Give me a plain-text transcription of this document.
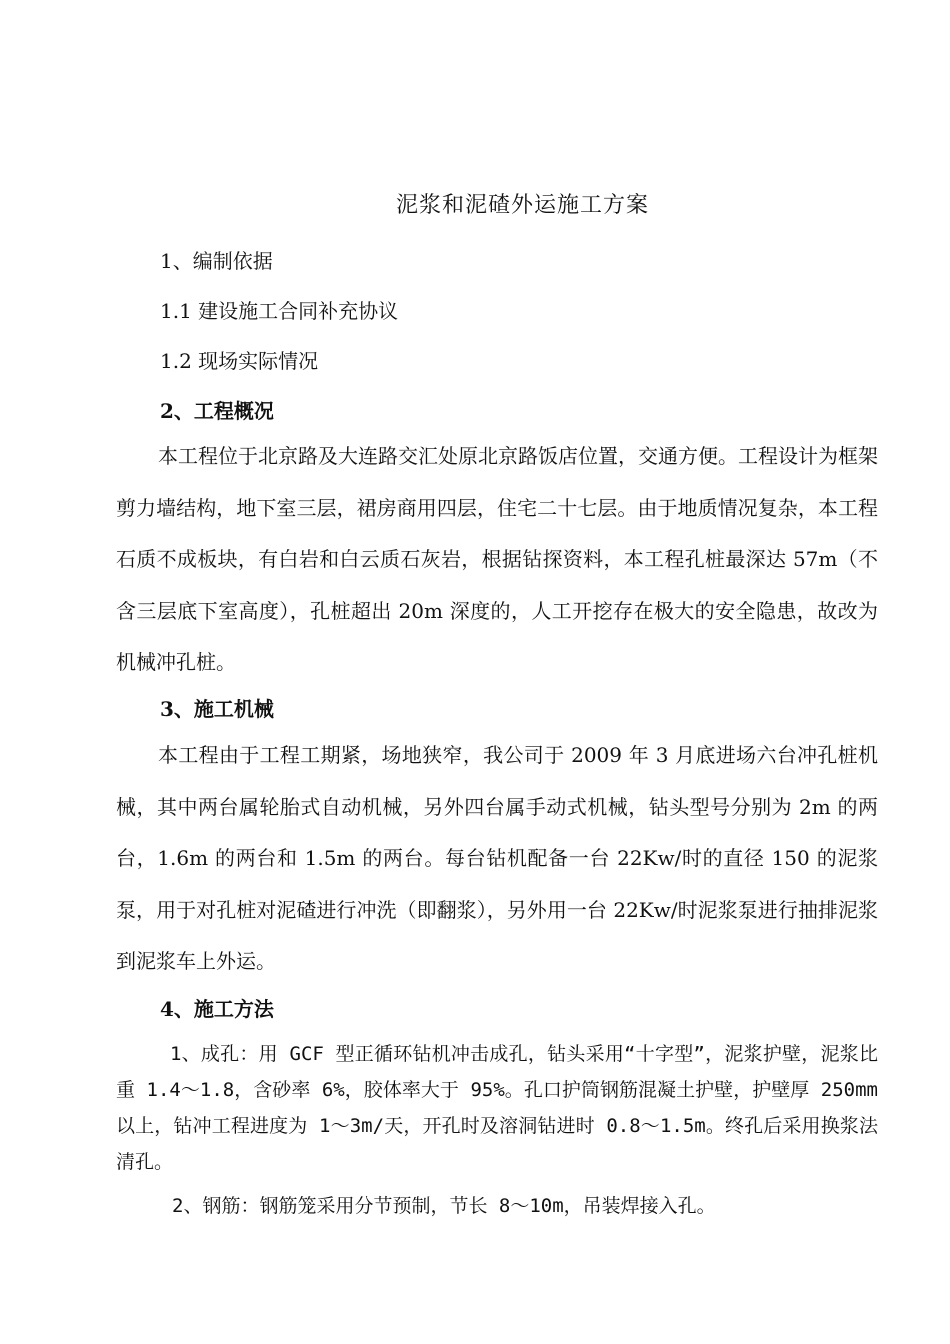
泥浆和泥碴外运施工方案
1、编制依据
1.1 建设施工合同补充协议
1.2 现场实际情况
2、工程概况
本工程位于北京路及大连路交汇处原北京路饭店位置，交通方便。工程设计为框架剪力墙结构，地下室三层，裙房商用四层，住宅二十七层。由于地质情况复杂，本工程石质不成板块，有白岩和白云质石灰岩，根据钻探资料，本工程孔桩最深达 57m（不含三层底下室高度），孔桩超出 20m 深度的，人工开挖存在极大的安全隐患，故改为机械冲孔桩。
3、施工机械
本工程由于工程工期紧，场地狭窄，我公司于 2009 年 3 月底进场六台冲孔桩机械，其中两台属轮胎式自动机械，另外四台属手动式机械，钻头型号分别为 2m 的两台，1.6m 的两台和 1.5m 的两台。每台钻机配备一台 22Kw/时的直径 150 的泥浆泵，用于对孔桩对泥碴进行冲洗（即翻浆），另外用一台 22Kw/时泥浆泵进行抽排泥浆到泥浆车上外运。
4、施工方法
1、成孔：用 GCF 型正循环钻机冲击成孔，钻头采用“十字型”，泥浆护壁，泥浆比重 1.4～1.8，含砂率 6%，胶体率大于 95%。孔口护筒钢筋混凝土护壁，护壁厚 250mm 以上，钻冲工程进度为 1～3m/天，开孔时及溶洞钻进时 0.8～1.5m。终孔后采用换浆法清孔。
2、钢筋：钢筋笼采用分节预制，节长 8～10m，吊装焊接入孔。
